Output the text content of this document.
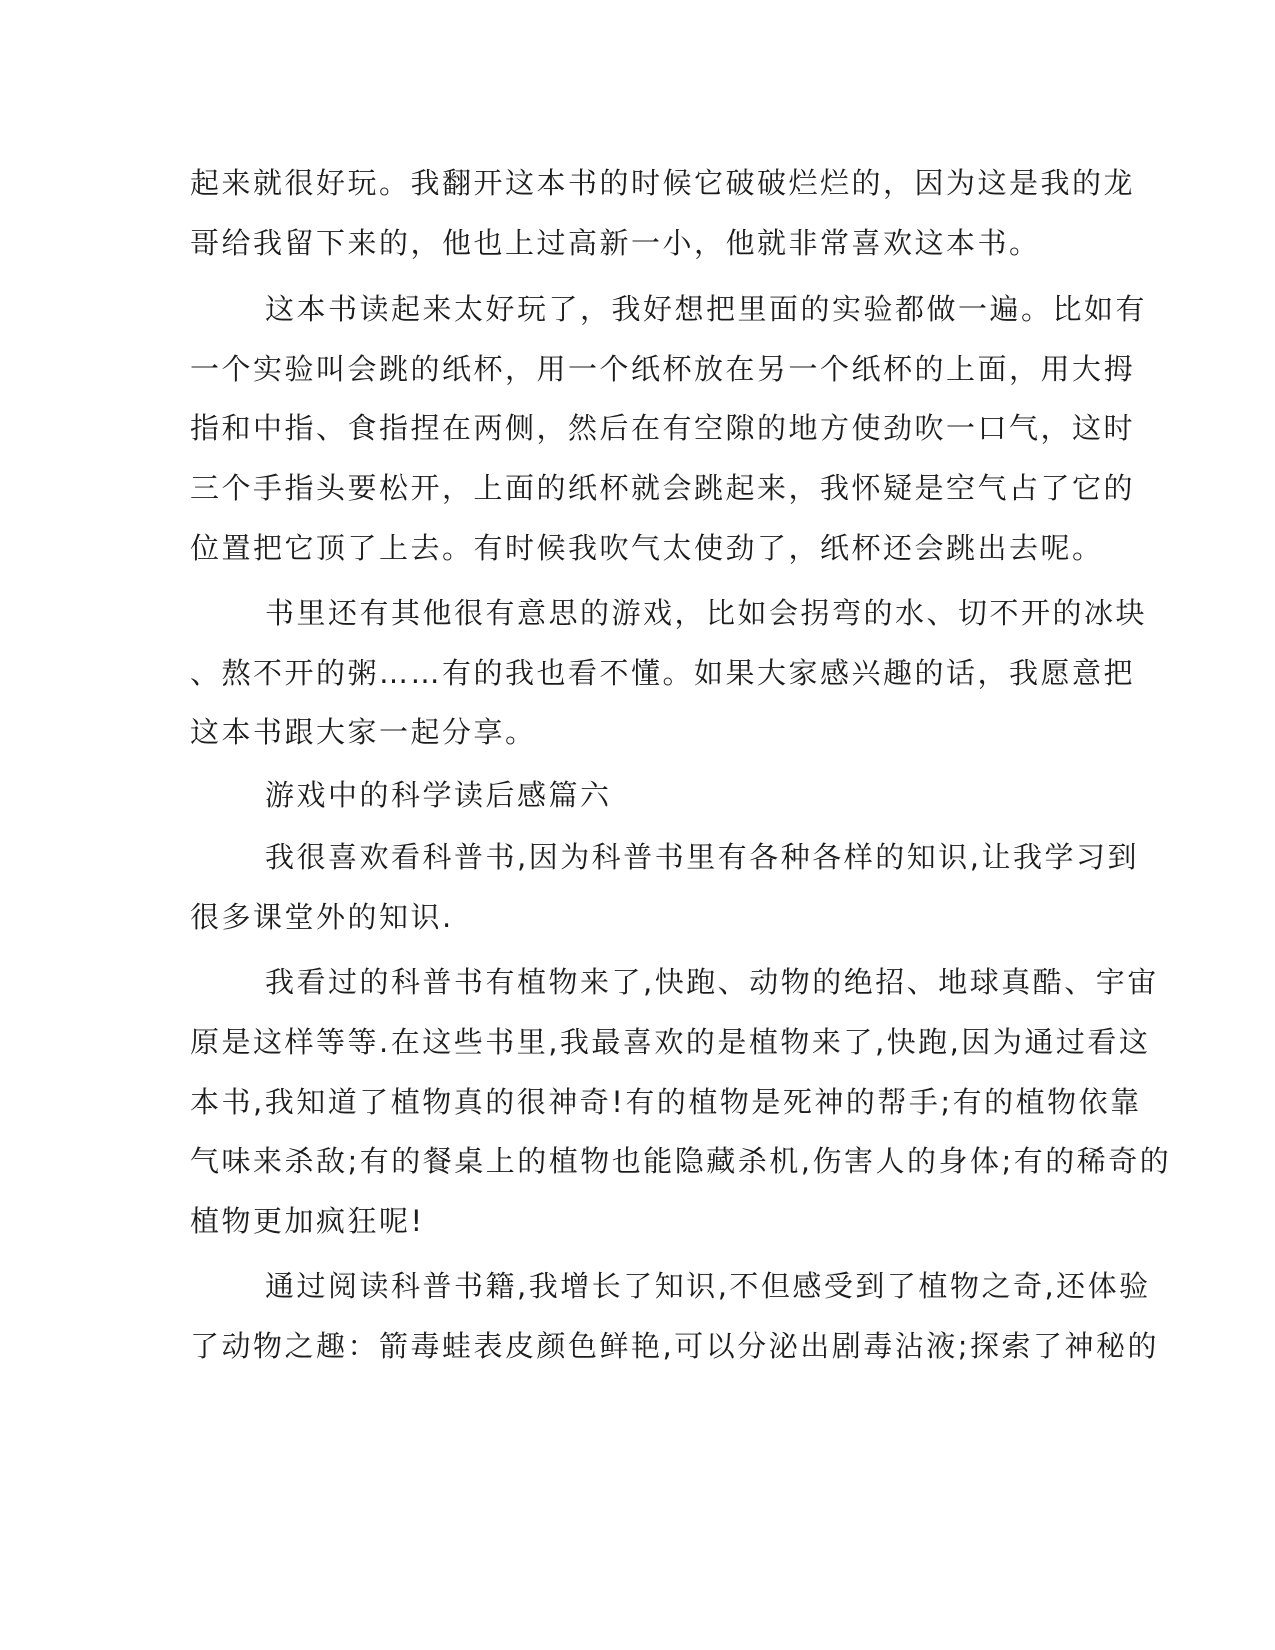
起来就很好玩。我翻开这本书的时候它破破烂烂的，因为这是我的龙
哥给我留下来的，他也上过高新一小，他就非常喜欢这本书。
这本书读起来太好玩了，我好想把里面的实验都做一遍。比如有
一个实验叫会跳的纸杯，用一个纸杯放在另一个纸杯的上面，用大拇
指和中指、食指捏在两侧，然后在有空隙的地方使劲吹一口气，这时
三个手指头要松开，上面的纸杯就会跳起来，我怀疑是空气占了它的
位置把它顶了上去。有时候我吹气太使劲了，纸杯还会跳出去呢。
书里还有其他很有意思的游戏，比如会拐弯的水、切不开的冰块
、熬不开的粥……有的我也看不懂。如果大家感兴趣的话，我愿意把
这本书跟大家一起分享。
游戏中的科学读后感篇六
我很喜欢看科普书,因为科普书里有各种各样的知识,让我学习到
很多课堂外的知识.
我看过的科普书有植物来了,快跑、动物的绝招、地球真酷、宇宙
原是这样等等.在这些书里,我最喜欢的是植物来了,快跑,因为通过看这
本书,我知道了植物真的很神奇!有的植物是死神的帮手;有的植物依靠
气味来杀敌;有的餐桌上的植物也能隐藏杀机,伤害人的身体;有的稀奇的
植物更加疯狂呢!
通过阅读科普书籍,我增长了知识,不但感受到了植物之奇,还体验
了动物之趣：箭毒蛙表皮颜色鲜艳,可以分泌出剧毒沾液;探索了神秘的
